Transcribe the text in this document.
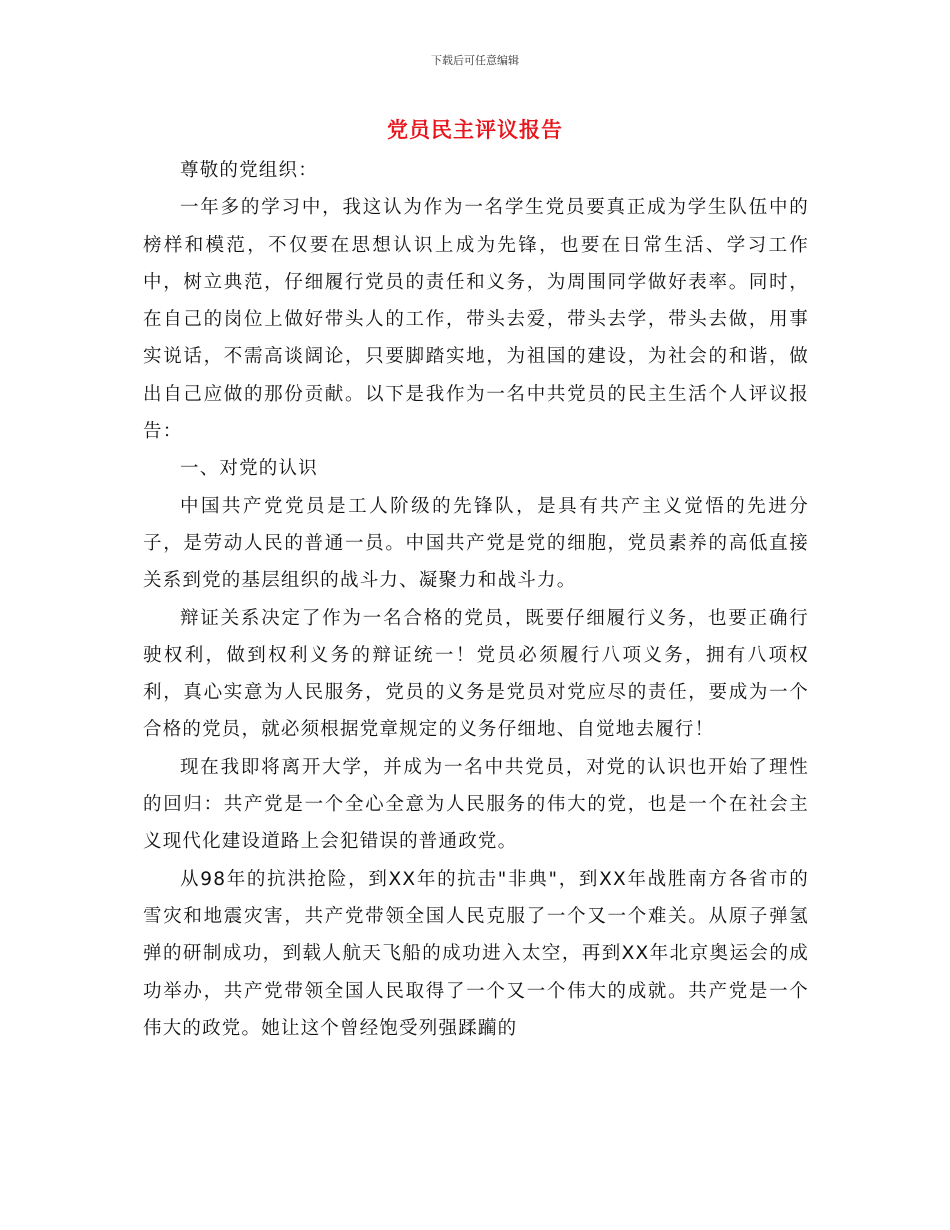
下载后可任意编辑
党员民主评议报告

尊敬的党组织：

一年多的学习中，我这认为作为一名学生党员要真正成为学生队伍中的榜样和模范，不仅要在思想认识上成为先锋，也要在日常生活、学习工作中，树立典范，仔细履行党员的责任和义务，为周围同学做好表率。同时，在自己的岗位上做好带头人的工作，带头去爱，带头去学，带头去做，用事实说话，不需高谈阔论，只要脚踏实地，为祖国的建设，为社会的和谐，做出自己应做的那份贡献。以下是我作为一名中共党员的民主生活个人评议报告：

一、对党的认识

中国共产党党员是工人阶级的先锋队，是具有共产主义觉悟的先进分子，是劳动人民的普通一员。中国共产党是党的细胞，党员素养的高低直接关系到党的基层组织的战斗力、凝聚力和战斗力。

辩证关系决定了作为一名合格的党员，既要仔细履行义务，也要正确行驶权利，做到权利义务的辩证统一！党员必须履行八项义务，拥有八项权利，真心实意为人民服务，党员的义务是党员对党应尽的责任，要成为一个合格的党员，就必须根据党章规定的义务仔细地、自觉地去履行！

现在我即将离开大学，并成为一名中共党员，对党的认识也开始了理性的回归：共产党是一个全心全意为人民服务的伟大的党，也是一个在社会主义现代化建设道路上会犯错误的普通政党。

从98年的抗洪抢险，到XX年的抗击"非典"，到XX年战胜南方各省市的雪灾和地震灾害，共产党带领全国人民克服了一个又一个难关。从原子弹氢弹的研制成功，到载人航天飞船的成功进入太空，再到XX年北京奥运会的成功举办，共产党带领全国人民取得了一个又一个伟大的成就。共产党是一个伟大的政党。她让这个曾经饱受列强蹂躏的
